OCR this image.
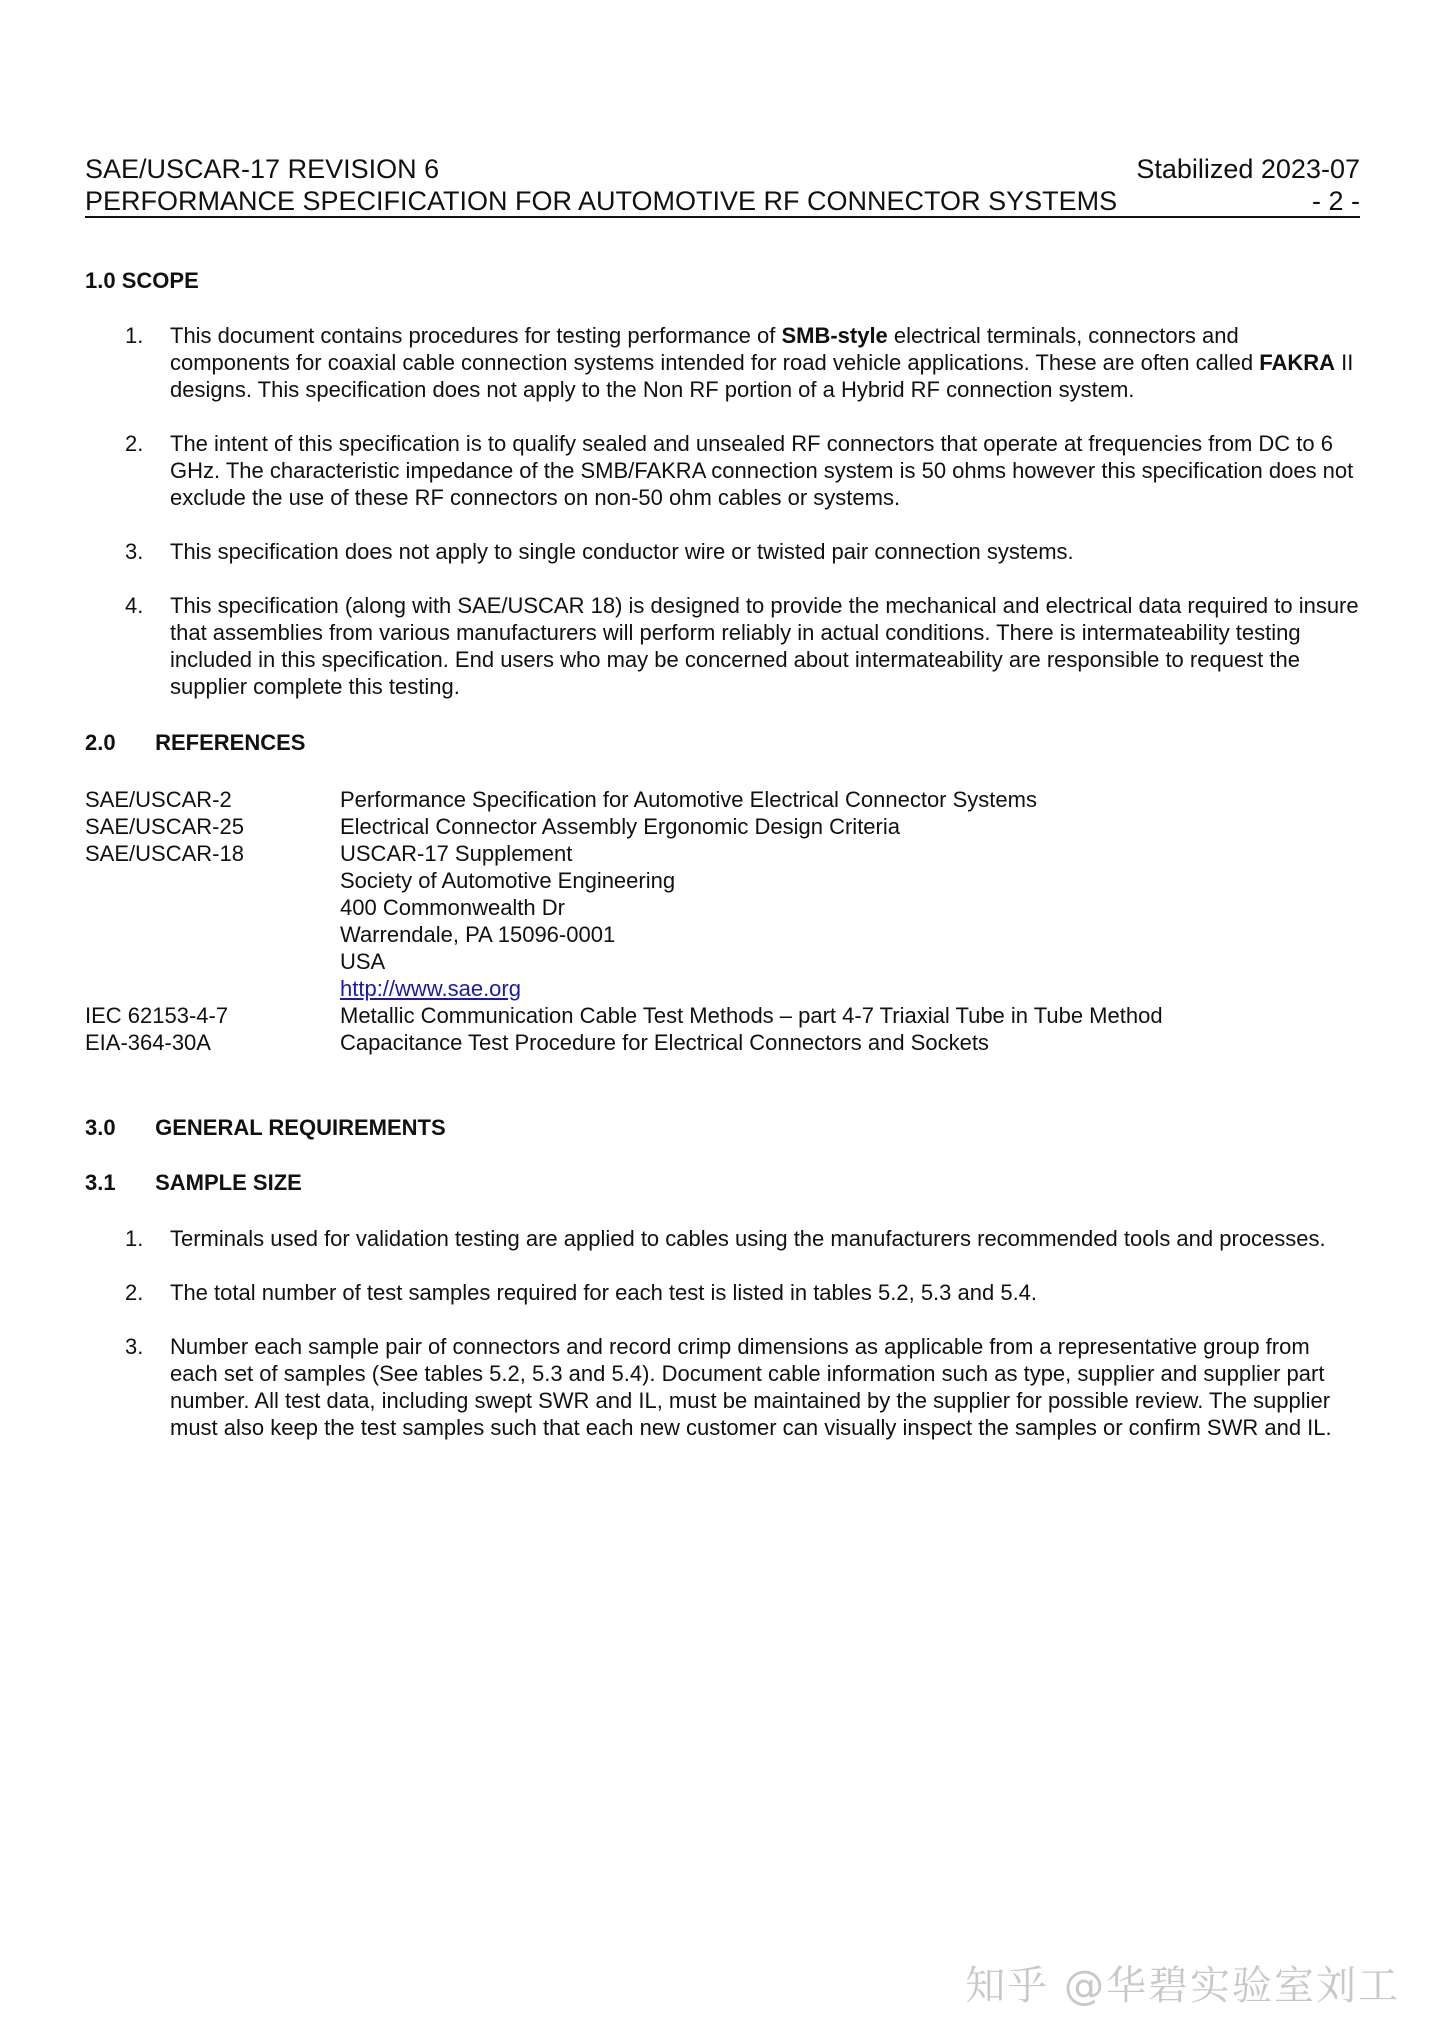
SAE/USCAR-17 REVISION 6	Stabilized 2023-07
PERFORMANCE SPECIFICATION FOR AUTOMOTIVE RF CONNECTOR SYSTEMS	- 2 -
1.0 SCOPE
1.	This document contains procedures for testing performance of SMB-style electrical terminals, connectors and components for coaxial cable connection systems intended for road vehicle applications. These are often called FAKRA II designs. This specification does not apply to the Non RF portion of a Hybrid RF connection system.
2.	The intent of this specification is to qualify sealed and unsealed RF connectors that operate at frequencies from DC to 6 GHz. The characteristic impedance of the SMB/FAKRA connection system is 50 ohms however this specification does not exclude the use of these RF connectors on non-50 ohm cables or systems.
3.	This specification does not apply to single conductor wire or twisted pair connection systems.
4.	This specification (along with SAE/USCAR 18) is designed to provide the mechanical and electrical data required to insure that assemblies from various manufacturers will perform reliably in actual conditions. There is intermateability testing included in this specification. End users who may be concerned about intermateability are responsible to request the supplier complete this testing.
2.0 REFERENCES
SAE/USCAR-2	Performance Specification for Automotive Electrical Connector Systems
SAE/USCAR-25	Electrical Connector Assembly Ergonomic Design Criteria
SAE/USCAR-18	USCAR-17 Supplement
Society of Automotive Engineering
400 Commonwealth Dr
Warrendale, PA 15096-0001
USA
http://www.sae.org
IEC 62153-4-7	Metallic Communication Cable Test Methods – part 4-7 Triaxial Tube in Tube Method
EIA-364-30A	Capacitance Test Procedure for Electrical Connectors and Sockets
3.0 GENERAL REQUIREMENTS
3.1 SAMPLE SIZE
1.	Terminals used for validation testing are applied to cables using the manufacturers recommended tools and processes.
2.	The total number of test samples required for each test is listed in tables 5.2, 5.3 and 5.4.
3.	Number each sample pair of connectors and record crimp dimensions as applicable from a representative group from each set of samples (See tables 5.2, 5.3 and 5.4). Document cable information such as type, supplier and supplier part number. All test data, including swept SWR and IL, must be maintained by the supplier for possible review. The supplier must also keep the test samples such that each new customer can visually inspect the samples or confirm SWR and IL.
知乎 @华碧实验室刘工
